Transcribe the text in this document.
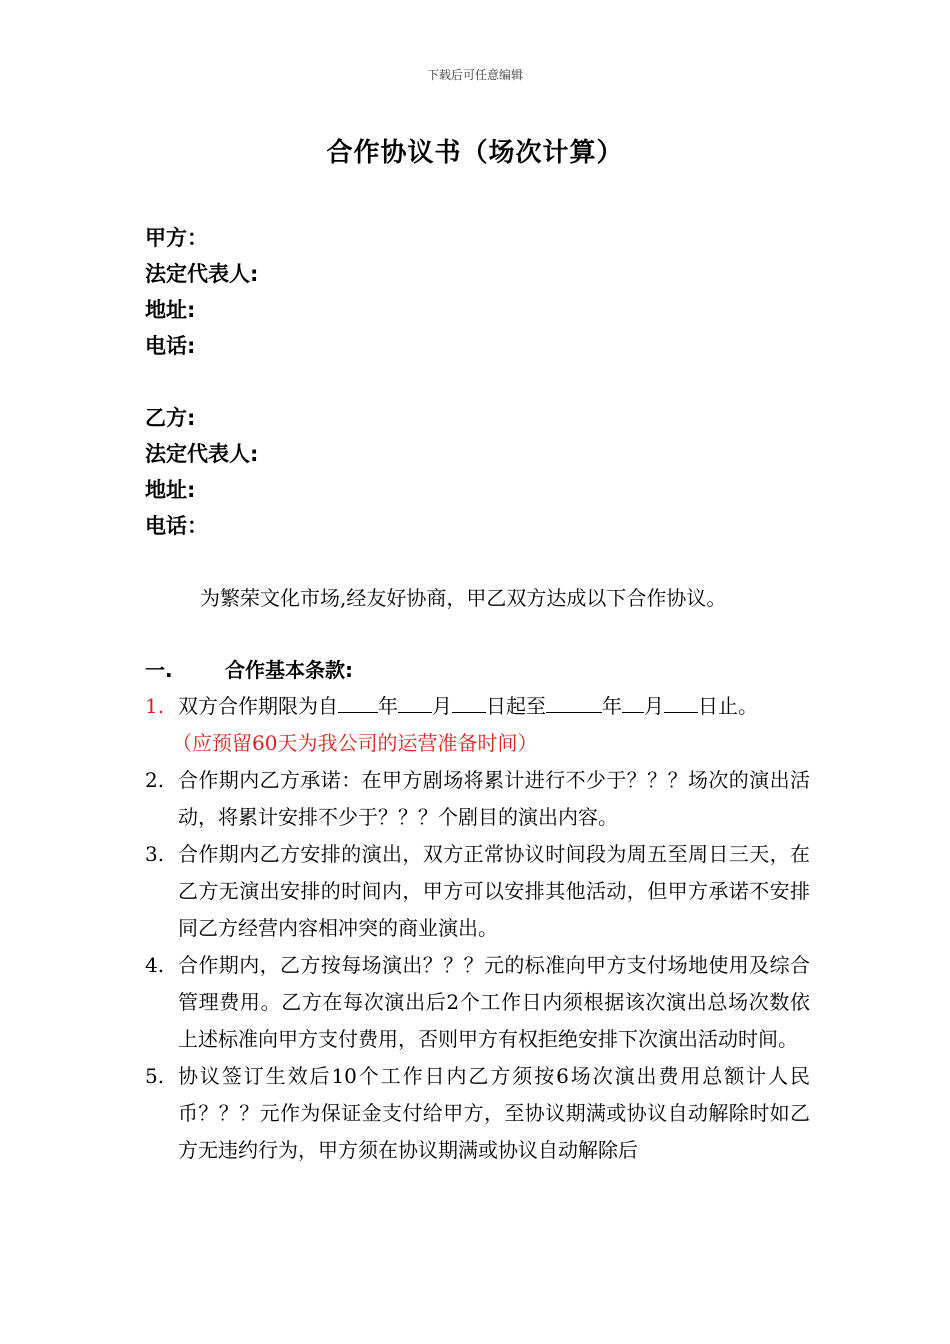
下载后可任意编辑
合作协议书（场次计算）
甲方：
法定代表人:
地址:
电话:
乙方:
法定代表人:
地址:
电话：
为繁荣文化市场,经友好协商，甲乙双方达成以下合作协议。
一.	合作基本条款:
1. 双方合作期限为自 年 月 日起至	年 月 日止。
（应预留60天为我公司的运营准备时间）
2. 合作期内乙方承诺：在甲方剧场将累计进行不少于？？？场次的演出活动，将累计安排不少于？？？个剧目的演出内容。
3. 合作期内乙方安排的演出，双方正常协议时间段为周五至周日三天，在乙方无演出安排的时间内，甲方可以安排其他活动，但甲方承诺不安排同乙方经营内容相冲突的商业演出。
4. 合作期内，乙方按每场演出？？？元的标准向甲方支付场地使用及综合管理费用。乙方在每次演出后2个工作日内须根据该次演出总场次数依上述标准向甲方支付费用，否则甲方有权拒绝安排下次演出活动时间。
5. 协议签订生效后10个工作日内乙方须按6场次演出费用总额计人民币？？？元作为保证金支付给甲方，至协议期满或协议自动解除时如乙方无违约行为，甲方须在协议期满或协议自动解除后
